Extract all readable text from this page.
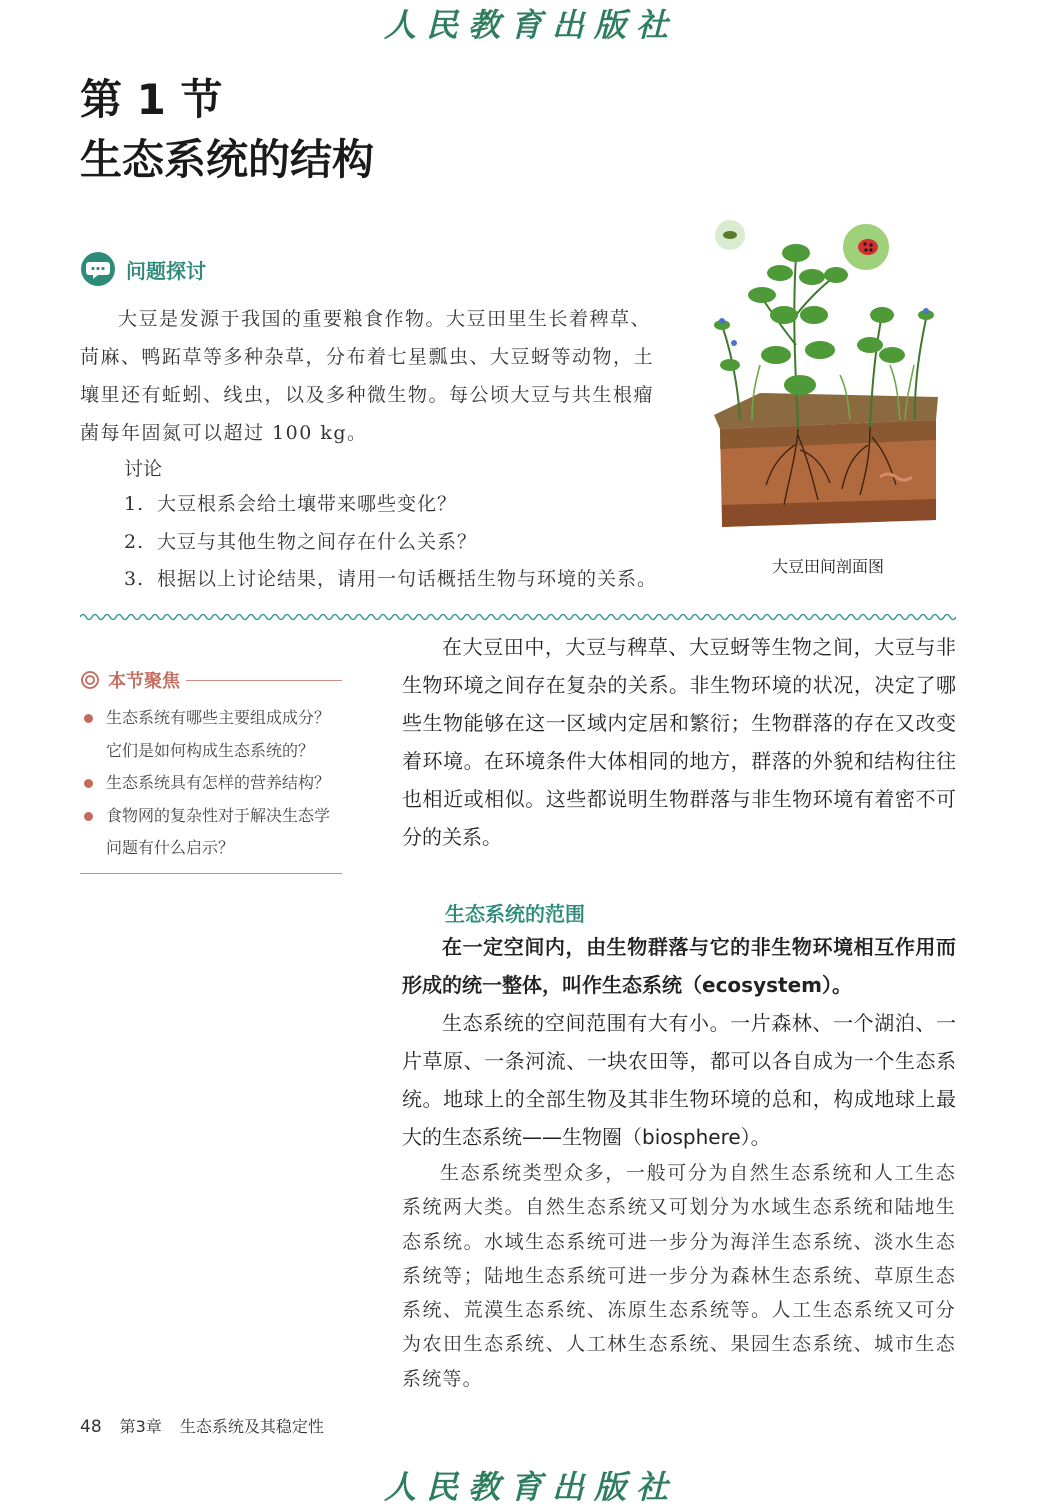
人民教育出版社
第 1 节
生态系统的结构
问题探讨

大豆是发源于我国的重要粮食作物。大豆田里生长着稗草、苘麻、鸭跖草等多种杂草，分布着七星瓢虫、大豆蚜等动物，土壤里还有蚯蚓、线虫，以及多种微生物。每公顷大豆与共生根瘤菌每年固氮可以超过 100 kg。

讨论
1. 大豆根系会给土壤带来哪些变化？
2. 大豆与其他生物之间存在什么关系？
3. 根据以上讨论结果，请用一句话概括生物与环境的关系。
大豆田间剖面图
本节聚焦
生态系统有哪些主要组成成分？它们是如何构成生态系统的？
生态系统具有怎样的营养结构？
食物网的复杂性对于解决生态学问题有什么启示？

在大豆田中，大豆与稗草、大豆蚜等生物之间，大豆与非生物环境之间存在复杂的关系。非生物环境的状况，决定了哪些生物能够在这一区域内定居和繁衍；生物群落的存在又改变着环境。在环境条件大体相同的地方，群落的外貌和结构往往也相近或相似。这些都说明生物群落与非生物环境有着密不可分的关系。

生态系统的范围

在一定空间内，由生物群落与它的非生物环境相互作用而形成的统一整体，叫作生态系统（ecosystem）。

生态系统的空间范围有大有小。一片森林、一个湖泊、一片草原、一条河流、一块农田等，都可以各自成为一个生态系统。地球上的全部生物及其非生物环境的总和，构成地球上最大的生态系统——生物圈（biosphere）。

生态系统类型众多，一般可分为自然生态系统和人工生态系统两大类。自然生态系统又可划分为水域生态系统和陆地生态系统。水域生态系统可进一步分为海洋生态系统、淡水生态系统等；陆地生态系统可进一步分为森林生态系统、草原生态系统、荒漠生态系统、冻原生态系统等。人工生态系统又可分为农田生态系统、人工林生态系统、果园生态系统、城市生态系统等。

48 第3章 生态系统及其稳定性
人民教育出版社
